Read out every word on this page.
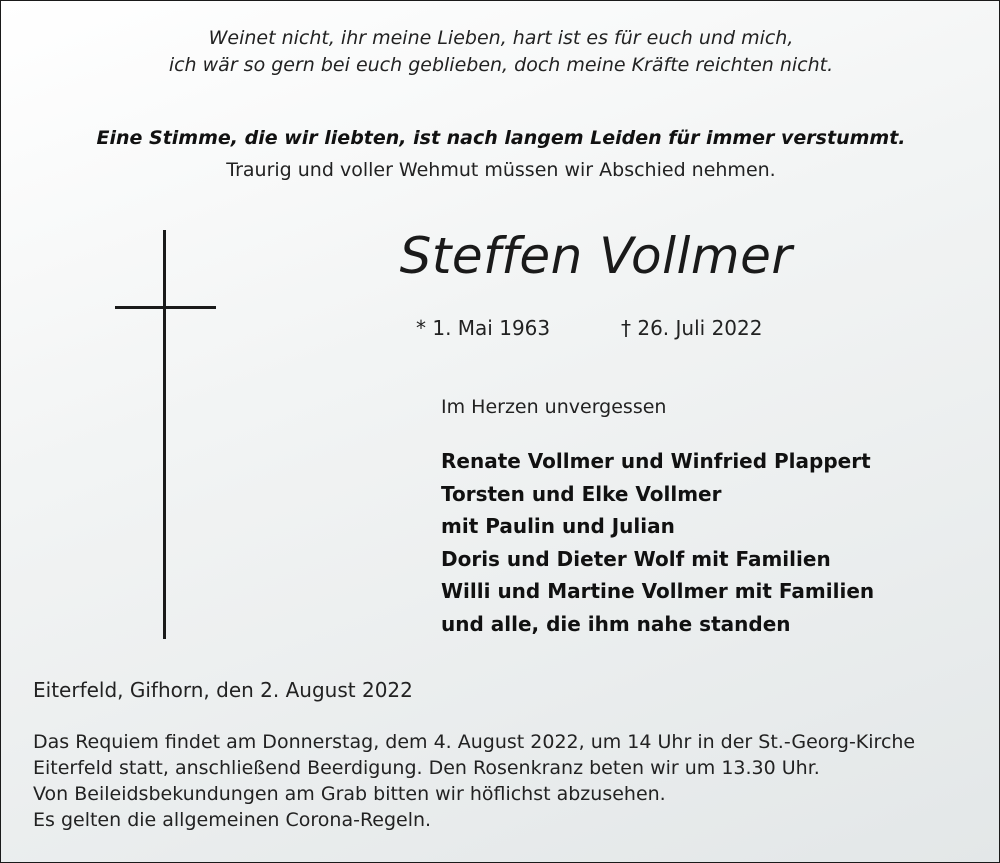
Weinet nicht, ihr meine Lieben, hart ist es für euch und mich,
ich wär so gern bei euch geblieben, doch meine Kräfte reichten nicht.
Eine Stimme, die wir liebten, ist nach langem Leiden für immer verstummt.
Traurig und voller Wehmut müssen wir Abschied nehmen.
Steffen Vollmer
* 1. Mai 1963	† 26. Juli 2022
Im Herzen unvergessen
Renate Vollmer und Winfried Plappert
Torsten und Elke Vollmer
mit Paulin und Julian
Doris und Dieter Wolf mit Familien
Willi und Martine Vollmer mit Familien
und alle, die ihm nahe standen
Eiterfeld, Gifhorn, den 2. August 2022
Das Requiem findet am Donnerstag, dem 4. August 2022, um 14 Uhr in der St.-Georg-Kirche
Eiterfeld statt, anschließend Beerdigung. Den Rosenkranz beten wir um 13.30 Uhr.
Von Beileidsbekundungen am Grab bitten wir höflichst abzusehen.
Es gelten die allgemeinen Corona-Regeln.
